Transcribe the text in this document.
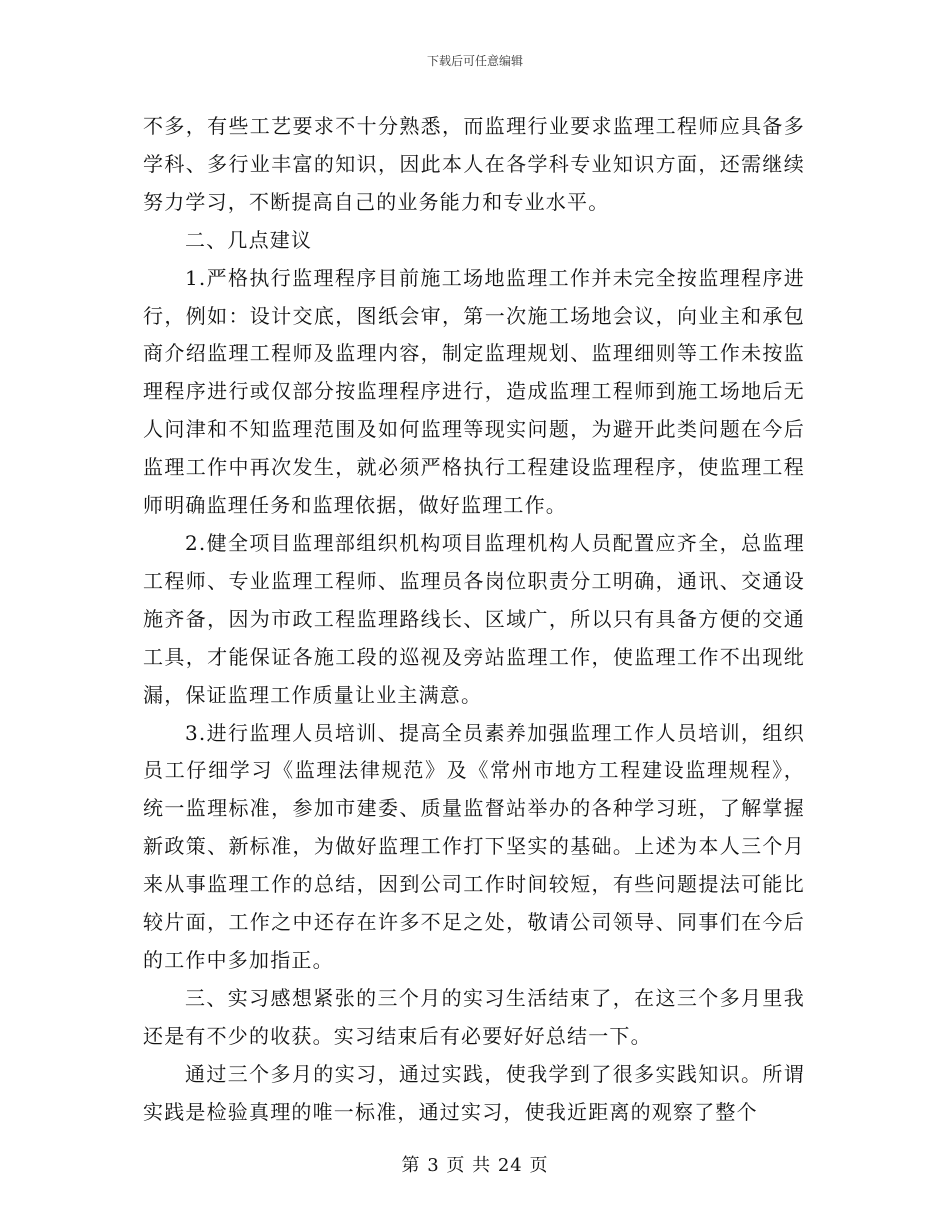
下载后可任意编辑

不多，有些工艺要求不十分熟悉，而监理行业要求监理工程师应具备多学科、多行业丰富的知识，因此本人在各学科专业知识方面，还需继续努力学习，不断提高自己的业务能力和专业水平。

二、几点建议

1.严格执行监理程序目前施工场地监理工作并未完全按监理程序进行，例如：设计交底，图纸会审，第一次施工场地会议，向业主和承包商介绍监理工程师及监理内容，制定监理规划、监理细则等工作未按监理程序进行或仅部分按监理程序进行，造成监理工程师到施工场地后无人问津和不知监理范围及如何监理等现实问题，为避开此类问题在今后监理工作中再次发生，就必须严格执行工程建设监理程序，使监理工程师明确监理任务和监理依据，做好监理工作。

2.健全项目监理部组织机构项目监理机构人员配置应齐全，总监理工程师、专业监理工程师、监理员各岗位职责分工明确，通讯、交通设施齐备，因为市政工程监理路线长、区域广，所以只有具备方便的交通工具，才能保证各施工段的巡视及旁站监理工作，使监理工作不出现纰漏，保证监理工作质量让业主满意。

3.进行监理人员培训、提高全员素养加强监理工作人员培训，组织员工仔细学习《监理法律规范》及《常州市地方工程建设监理规程》，统一监理标准，参加市建委、质量监督站举办的各种学习班，了解掌握新政策、新标准，为做好监理工作打下坚实的基础。上述为本人三个月来从事监理工作的总结，因到公司工作时间较短，有些问题提法可能比较片面，工作之中还存在许多不足之处，敬请公司领导、同事们在今后的工作中多加指正。

三、实习感想紧张的三个月的实习生活结束了，在这三个多月里我还是有不少的收获。实习结束后有必要好好总结一下。

通过三个多月的实习，通过实践，使我学到了很多实践知识。所谓实践是检验真理的唯一标准，通过实习，使我近距离的观察了整个

第 3 页 共 24 页
